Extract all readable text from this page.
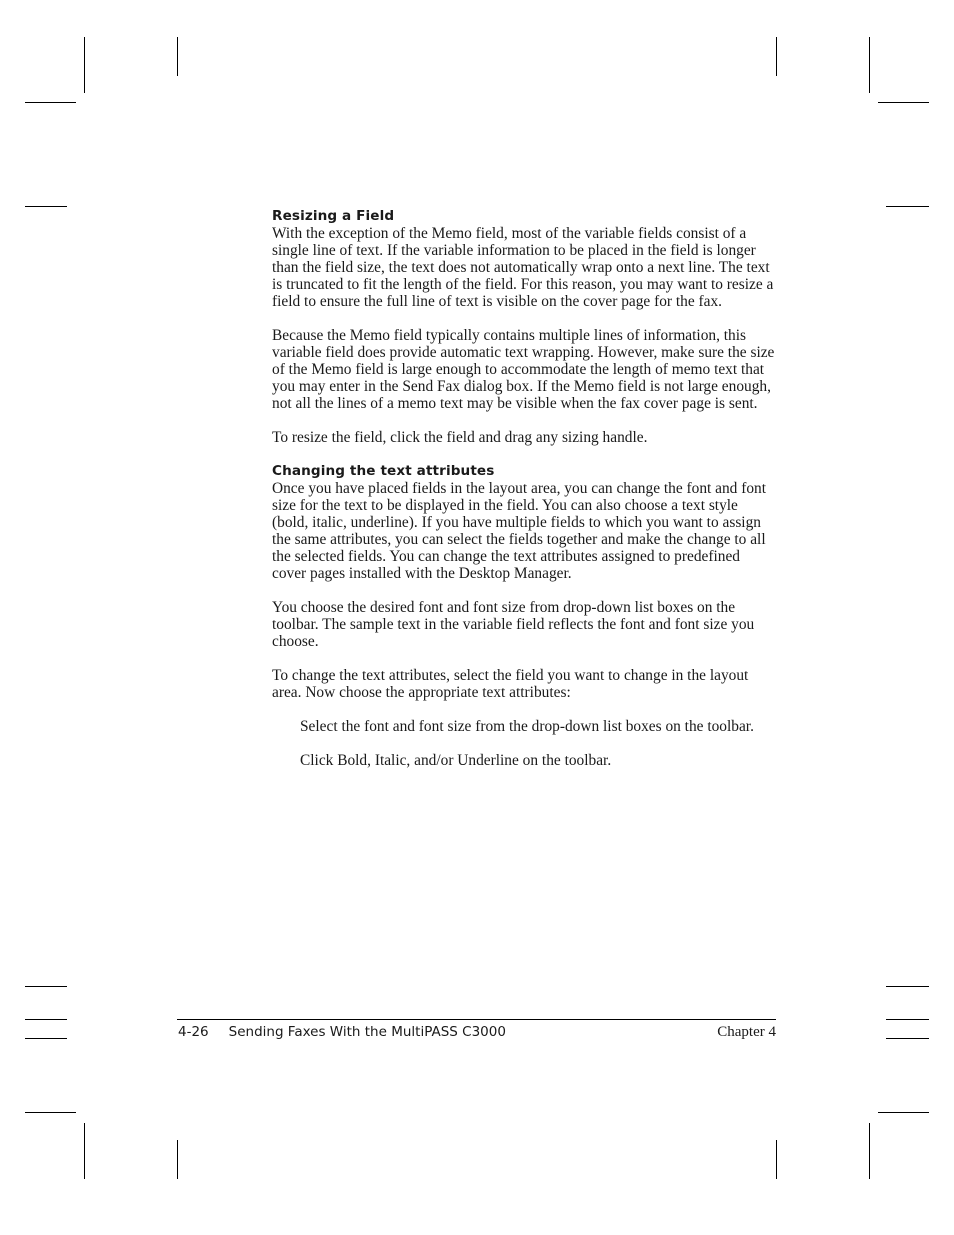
Resizing a Field

With the exception of the Memo field, most of the variable fields consist of a single line of text. If the variable information to be placed in the field is longer than the field size, the text does not automatically wrap onto a next line. The text is truncated to fit the length of the field. For this reason, you may want to resize a field to ensure the full line of text is visible on the cover page for the fax.

Because the Memo field typically contains multiple lines of information, this variable field does provide automatic text wrapping. However, make sure the size of the Memo field is large enough to accommodate the length of memo text that you may enter in the Send Fax dialog box. If the Memo field is not large enough, not all the lines of a memo text may be visible when the fax cover page is sent.

To resize the field, click the field and drag any sizing handle.

Changing the text attributes

Once you have placed fields in the layout area, you can change the font and font size for the text to be displayed in the field. You can also choose a text style (bold, italic, underline). If you have multiple fields to which you want to assign the same attributes, you can select the fields together and make the change to all the selected fields. You can change the text attributes assigned to predefined cover pages installed with the Desktop Manager.

You choose the desired font and font size from drop-down list boxes on the toolbar. The sample text in the variable field reflects the font and font size you choose.

To change the text attributes, select the field you want to change in the layout area. Now choose the appropriate text attributes:

Select the font and font size from the drop-down list boxes on the toolbar.

Click Bold, Italic, and/or Underline on the toolbar.

4-26 Sending Faxes With the MultiPASS C3000	Chapter 4
